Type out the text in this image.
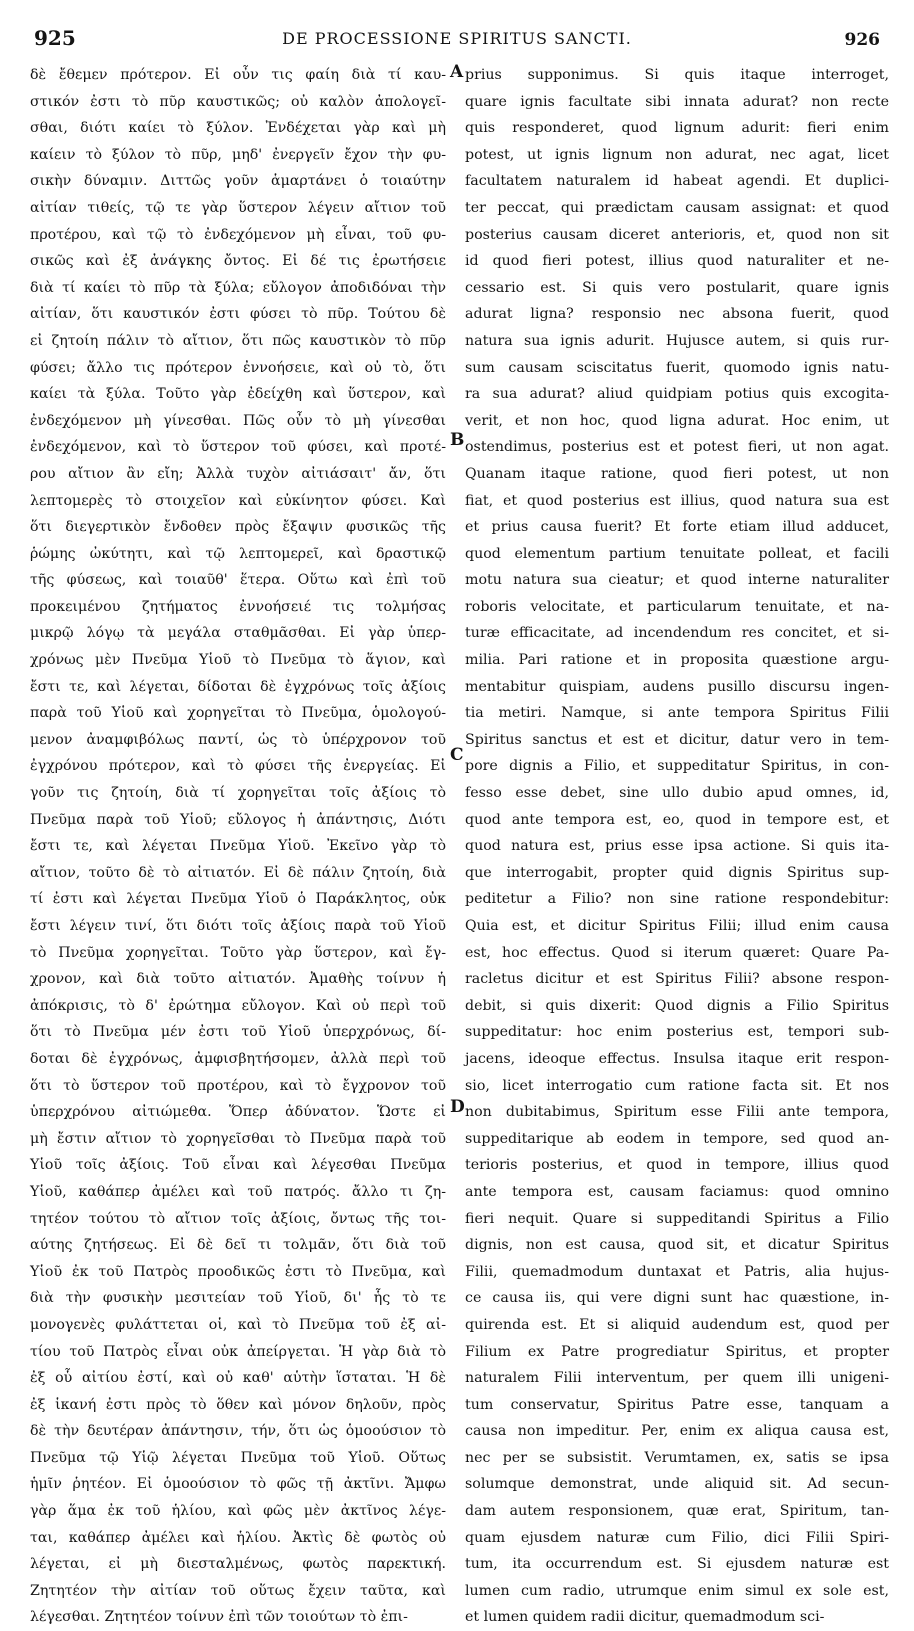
925	DE PROCESSIONE SPIRITUS SANCTI.	926
δὲ ἔθεμεν πρότερον. Εἰ οὖν τις φαίη διὰ τί καυ-
στικόν ἐστι τὸ πῦρ καυστικῶς; οὐ καλὸν ἀπολογεῖ-
σθαι, διότι καίει τὸ ξύλον. Ἐνδέχεται γὰρ καὶ μὴ
καίειν τὸ ξύλον τὸ πῦρ, μηδ' ἐνεργεῖν ἔχον τὴν φυ-
σικὴν δύναμιν. Διττῶς γοῦν ἁμαρτάνει ὁ τοιαύτην
αἰτίαν τιθείς, τῷ τε γὰρ ὕστερον λέγειν αἴτιον τοῦ
προτέρου, καὶ τῷ τὸ ἐνδεχόμενον μὴ εἶναι, τοῦ φυ-
σικῶς καὶ ἐξ ἀνάγκης ὄντος. Εἰ δέ τις ἐρωτήσειε
διὰ τί καίει τὸ πῦρ τὰ ξύλα; εὔλογον ἀποδιδόναι τὴν
αἰτίαν, ὅτι καυστικόν ἐστι φύσει τὸ πῦρ. Τούτου δὲ
εἰ ζητοίη πάλιν τὸ αἴτιον, ὅτι πῶς καυστικὸν τὸ πῦρ
φύσει; ἄλλο τις πρότερον ἐννοήσειε, καὶ οὐ τὸ, ὅτι
καίει τὰ ξύλα. Τοῦτο γὰρ ἐδείχθη καὶ ὕστερον, καὶ
ἐνδεχόμενον μὴ γίνεσθαι. Πῶς οὖν τὸ μὴ γίνεσθαι
ἐνδεχόμενον, καὶ τὸ ὕστερον τοῦ φύσει, καὶ προτέ-
ρου αἴτιον ἂν εἴη; Ἀλλὰ τυχὸν αἰτιάσαιτ' ἄν, ὅτι
λεπτομερὲς τὸ στοιχεῖον καὶ εὐκίνητον φύσει. Καὶ
ὅτι διεγερτικὸν ἔνδοθεν πρὸς ἔξαψιν φυσικῶς τῆς
ῥώμης ὠκύτητι, καὶ τῷ λεπτομερεῖ, καὶ δραστικῷ
τῆς φύσεως, καὶ τοιαῦθ' ἕτερα. Οὕτω καὶ ἐπὶ τοῦ
προκειμένου ζητήματος ἐννοήσειέ τις τολμήσας
μικρῷ λόγῳ τὰ μεγάλα σταθμᾶσθαι. Εἰ γὰρ ὑπερ-
χρόνως μὲν Πνεῦμα Υἱοῦ τὸ Πνεῦμα τὸ ἅγιον, καὶ
ἔστι τε, καὶ λέγεται, δίδοται δὲ ἐγχρόνως τοῖς ἀξίοις
παρὰ τοῦ Υἱοῦ καὶ χορηγεῖται τὸ Πνεῦμα, ὁμολογού-
μενον ἀναμφιβόλως παντί, ὡς τὸ ὑπέρχρονον τοῦ
ἐγχρόνου πρότερον, καὶ τὸ φύσει τῆς ἐνεργείας. Εἰ
γοῦν τις ζητοίη, διὰ τί χορηγεῖται τοῖς ἀξίοις τὸ
Πνεῦμα παρὰ τοῦ Υἱοῦ; εὔλογος ἡ ἀπάντησις, Διότι
ἔστι τε, καὶ λέγεται Πνεῦμα Υἱοῦ. Ἐκεῖνο γὰρ τὸ
αἴτιον, τοῦτο δὲ τὸ αἰτιατόν. Εἰ δὲ πάλιν ζητοίη, διὰ
τί ἐστι καὶ λέγεται Πνεῦμα Υἱοῦ ὁ Παράκλητος, οὐκ
ἔστι λέγειν τινί, ὅτι διότι τοῖς ἀξίοις παρὰ τοῦ Υἱοῦ
τὸ Πνεῦμα χορηγεῖται. Τοῦτο γὰρ ὕστερον, καὶ ἔγ-
χρονον, καὶ διὰ τοῦτο αἰτιατόν. Ἀμαθὴς τοίνυν ἡ
ἀπόκρισις, τὸ δ' ἐρώτημα εὔλογον. Καὶ οὐ περὶ τοῦ
ὅτι τὸ Πνεῦμα μέν ἐστι τοῦ Υἱοῦ ὑπερχρόνως, δί-
δοται δὲ ἐγχρόνως, ἀμφισβητήσομεν, ἀλλὰ περὶ τοῦ
ὅτι τὸ ὕστερον τοῦ προτέρου, καὶ τὸ ἔγχρονον τοῦ
ὑπερχρόνου αἰτιώμεθα. Ὅπερ ἀδύνατον. Ὥστε εἰ
μὴ ἔστιν αἴτιον τὸ χορηγεῖσθαι τὸ Πνεῦμα παρὰ τοῦ
Υἱοῦ τοῖς ἀξίοις. Τοῦ εἶναι καὶ λέγεσθαι Πνεῦμα
Υἱοῦ, καθάπερ ἀμέλει καὶ τοῦ πατρός. ἄλλο τι ζη-
τητέον τούτου τὸ αἴτιον τοῖς ἀξίοις, ὄντως τῆς τοι-
αύτης ζητήσεως. Εἰ δὲ δεῖ τι τολμᾶν, ὅτι διὰ τοῦ
Υἱοῦ ἐκ τοῦ Πατρὸς προοδικῶς ἐστι τὸ Πνεῦμα, καὶ
διὰ τὴν φυσικὴν μεσιτείαν τοῦ Υἱοῦ, δι' ἧς τὸ τε
μονογενὲς φυλάττεται οἱ, καὶ τὸ Πνεῦμα τοῦ ἐξ αἰ-
τίου τοῦ Πατρὸς εἶναι οὐκ ἀπείργεται. Ἡ γὰρ διὰ τὸ
ἐξ οὗ αἰτίου ἐστί, καὶ οὐ καθ' αὑτὴν ἵσταται. Ἡ δὲ
ἐξ ἱκανή ἐστι πρὸς τὸ ὅθεν καὶ μόνον δηλοῦν, πρὸς
δὲ τὴν δευτέραν ἀπάντησιν, τήν, ὅτι ὡς ὁμοούσιον τὸ
Πνεῦμα τῷ Υἱῷ λέγεται Πνεῦμα τοῦ Υἱοῦ. Οὕτως
ἡμῖν ῥητέον. Εἰ ὁμοούσιον τὸ φῶς τῇ ἀκτῖνι. Ἄμφω
γὰρ ἅμα ἐκ τοῦ ἡλίου, καὶ φῶς μὲν ἀκτῖνος λέγε-
ται, καθάπερ ἀμέλει καὶ ἡλίου. Ἀκτὶς δὲ φωτὸς οὐ
λέγεται, εἰ μὴ διεσταλμένως, φωτὸς παρεκτική.
Ζητητέον τὴν αἰτίαν τοῦ οὕτως ἔχειν ταῦτα, καὶ
λέγεσθαι. Ζητητέον τοίνυν ἐπὶ τῶν τοιούτων τὸ ἐπι-
A
B
C
D
prius supponimus. Si quis itaque interroget,
quare ignis facultate sibi innata adurat? non recte
quis responderet, quod lignum adurit: fieri enim
potest, ut ignis lignum non adurat, nec agat, licet
facultatem naturalem id habeat agendi. Et duplici-
ter peccat, qui prædictam causam assignat: et quod
posterius causam diceret anterioris, et, quod non sit
id quod fieri potest, illius quod naturaliter et ne-
cessario est. Si quis vero postularit, quare ignis
adurat ligna? responsio nec absona fuerit, quod
natura sua ignis adurit. Hujusce autem, si quis rur-
sum causam sciscitatus fuerit, quomodo ignis natu-
ra sua adurat? aliud quidpiam potius quis excogita-
verit, et non hoc, quod ligna adurat. Hoc enim, ut
ostendimus, posterius est et potest fieri, ut non agat.
Quanam itaque ratione, quod fieri potest, ut non
fiat, et quod posterius est illius, quod natura sua est
et prius causa fuerit? Et forte etiam illud adducet,
quod elementum partium tenuitate polleat, et facili
motu natura sua cieatur; et quod interne naturaliter
roboris velocitate, et particularum tenuitate, et na-
turæ efficacitate, ad incendendum res concitet, et si-
milia. Pari ratione et in proposita quæstione argu-
mentabitur quispiam, audens pusillo discursu ingen-
tia metiri. Namque, si ante tempora Spiritus Filii
Spiritus sanctus et est et dicitur, datur vero in tem-
pore dignis a Filio, et suppeditatur Spiritus, in con-
fesso esse debet, sine ullo dubio apud omnes, id,
quod ante tempora est, eo, quod in tempore est, et
quod natura est, prius esse ipsa actione. Si quis ita-
que interrogabit, propter quid dignis Spiritus sup-
peditetur a Filio? non sine ratione respondebitur:
Quia est, et dicitur Spiritus Filii; illud enim causa
est, hoc effectus. Quod si iterum quæret: Quare Pa-
racletus dicitur et est Spiritus Filii? absone respon-
debit, si quis dixerit: Quod dignis a Filio Spiritus
suppeditatur: hoc enim posterius est, tempori sub-
jacens, ideoque effectus. Insulsa itaque erit respon-
sio, licet interrogatio cum ratione facta sit. Et nos
non dubitabimus, Spiritum esse Filii ante tempora,
suppeditarique ab eodem in tempore, sed quod an-
terioris posterius, et quod in tempore, illius quod
ante tempora est, causam faciamus: quod omnino
fieri nequit. Quare si suppeditandi Spiritus a Filio
dignis, non est causa, quod sit, et dicatur Spiritus
Filii, quemadmodum duntaxat et Patris, alia hujus-
ce causa iis, qui vere digni sunt hac quæstione, in-
quirenda est. Et si aliquid audendum est, quod per
Filium ex Patre progrediatur Spiritus, et propter
naturalem Filii interventum, per quem illi unigeni-
tum conservatur, Spiritus Patre esse, tanquam a
causa non impeditur. Per, enim ex aliqua causa est,
nec per se subsistit. Verumtamen, ex, satis se ipsa
solumque demonstrat, unde aliquid sit. Ad secun-
dam autem responsionem, quæ erat, Spiritum, tan-
quam ejusdem naturæ cum Filio, dici Filii Spiri-
tum, ita occurrendum est. Si ejusdem naturæ est
lumen cum radio, utrumque enim simul ex sole est,
et lumen quidem radii dicitur, quemadmodum sci-
